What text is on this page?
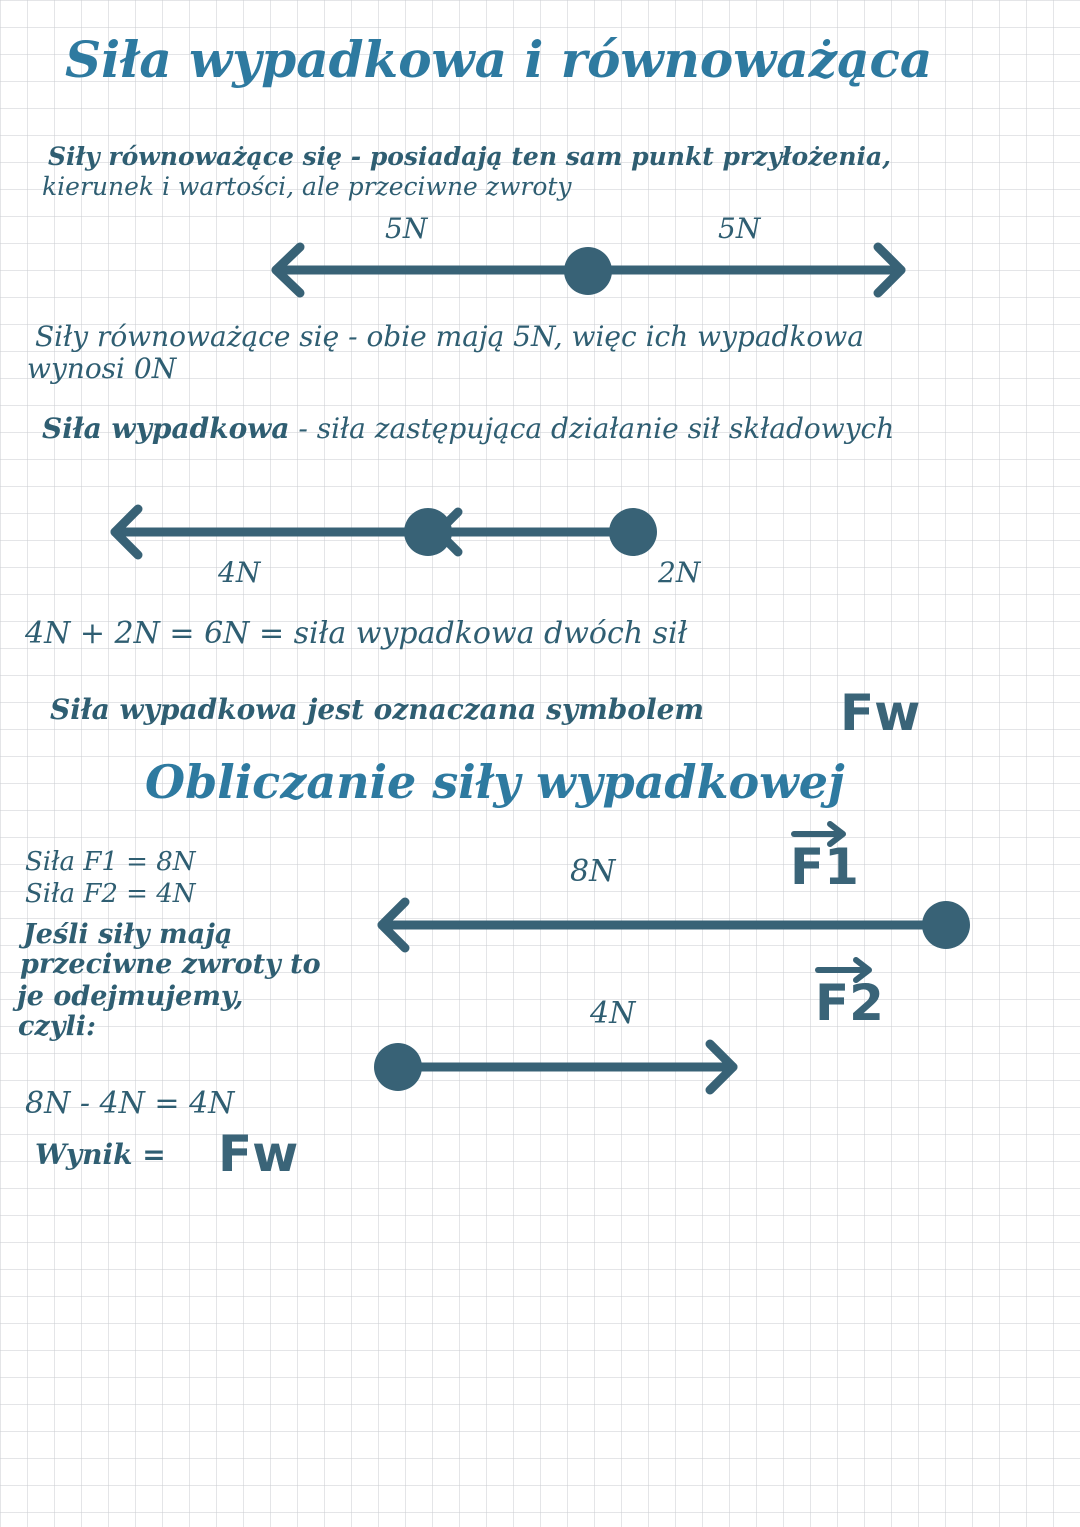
Siła wypadkowa i równoważąca
Siły równoważące się - posiadają ten sam punkt przyłożenia,
kierunek i wartości, ale przeciwne zwroty
5N	5N
Siły równoważące się - obie mają 5N, więc ich wypadkowa
wynosi 0N
Siła wypadkowa - siła zastępująca działanie sił składowych
4N	2N
4N + 2N = 6N = siła wypadkowa dwóch sił
Siła wypadkowa jest oznaczana symbolem	Fw
Obliczanie siły wypadkowej
Siła F1 = 8N
Siła F2 = 4N
Jeśli siły mają
przeciwne zwroty to
je odejmujemy,
czyli:
8N
4N
F1
F2
8N - 4N = 4N
Wynik = Fw
